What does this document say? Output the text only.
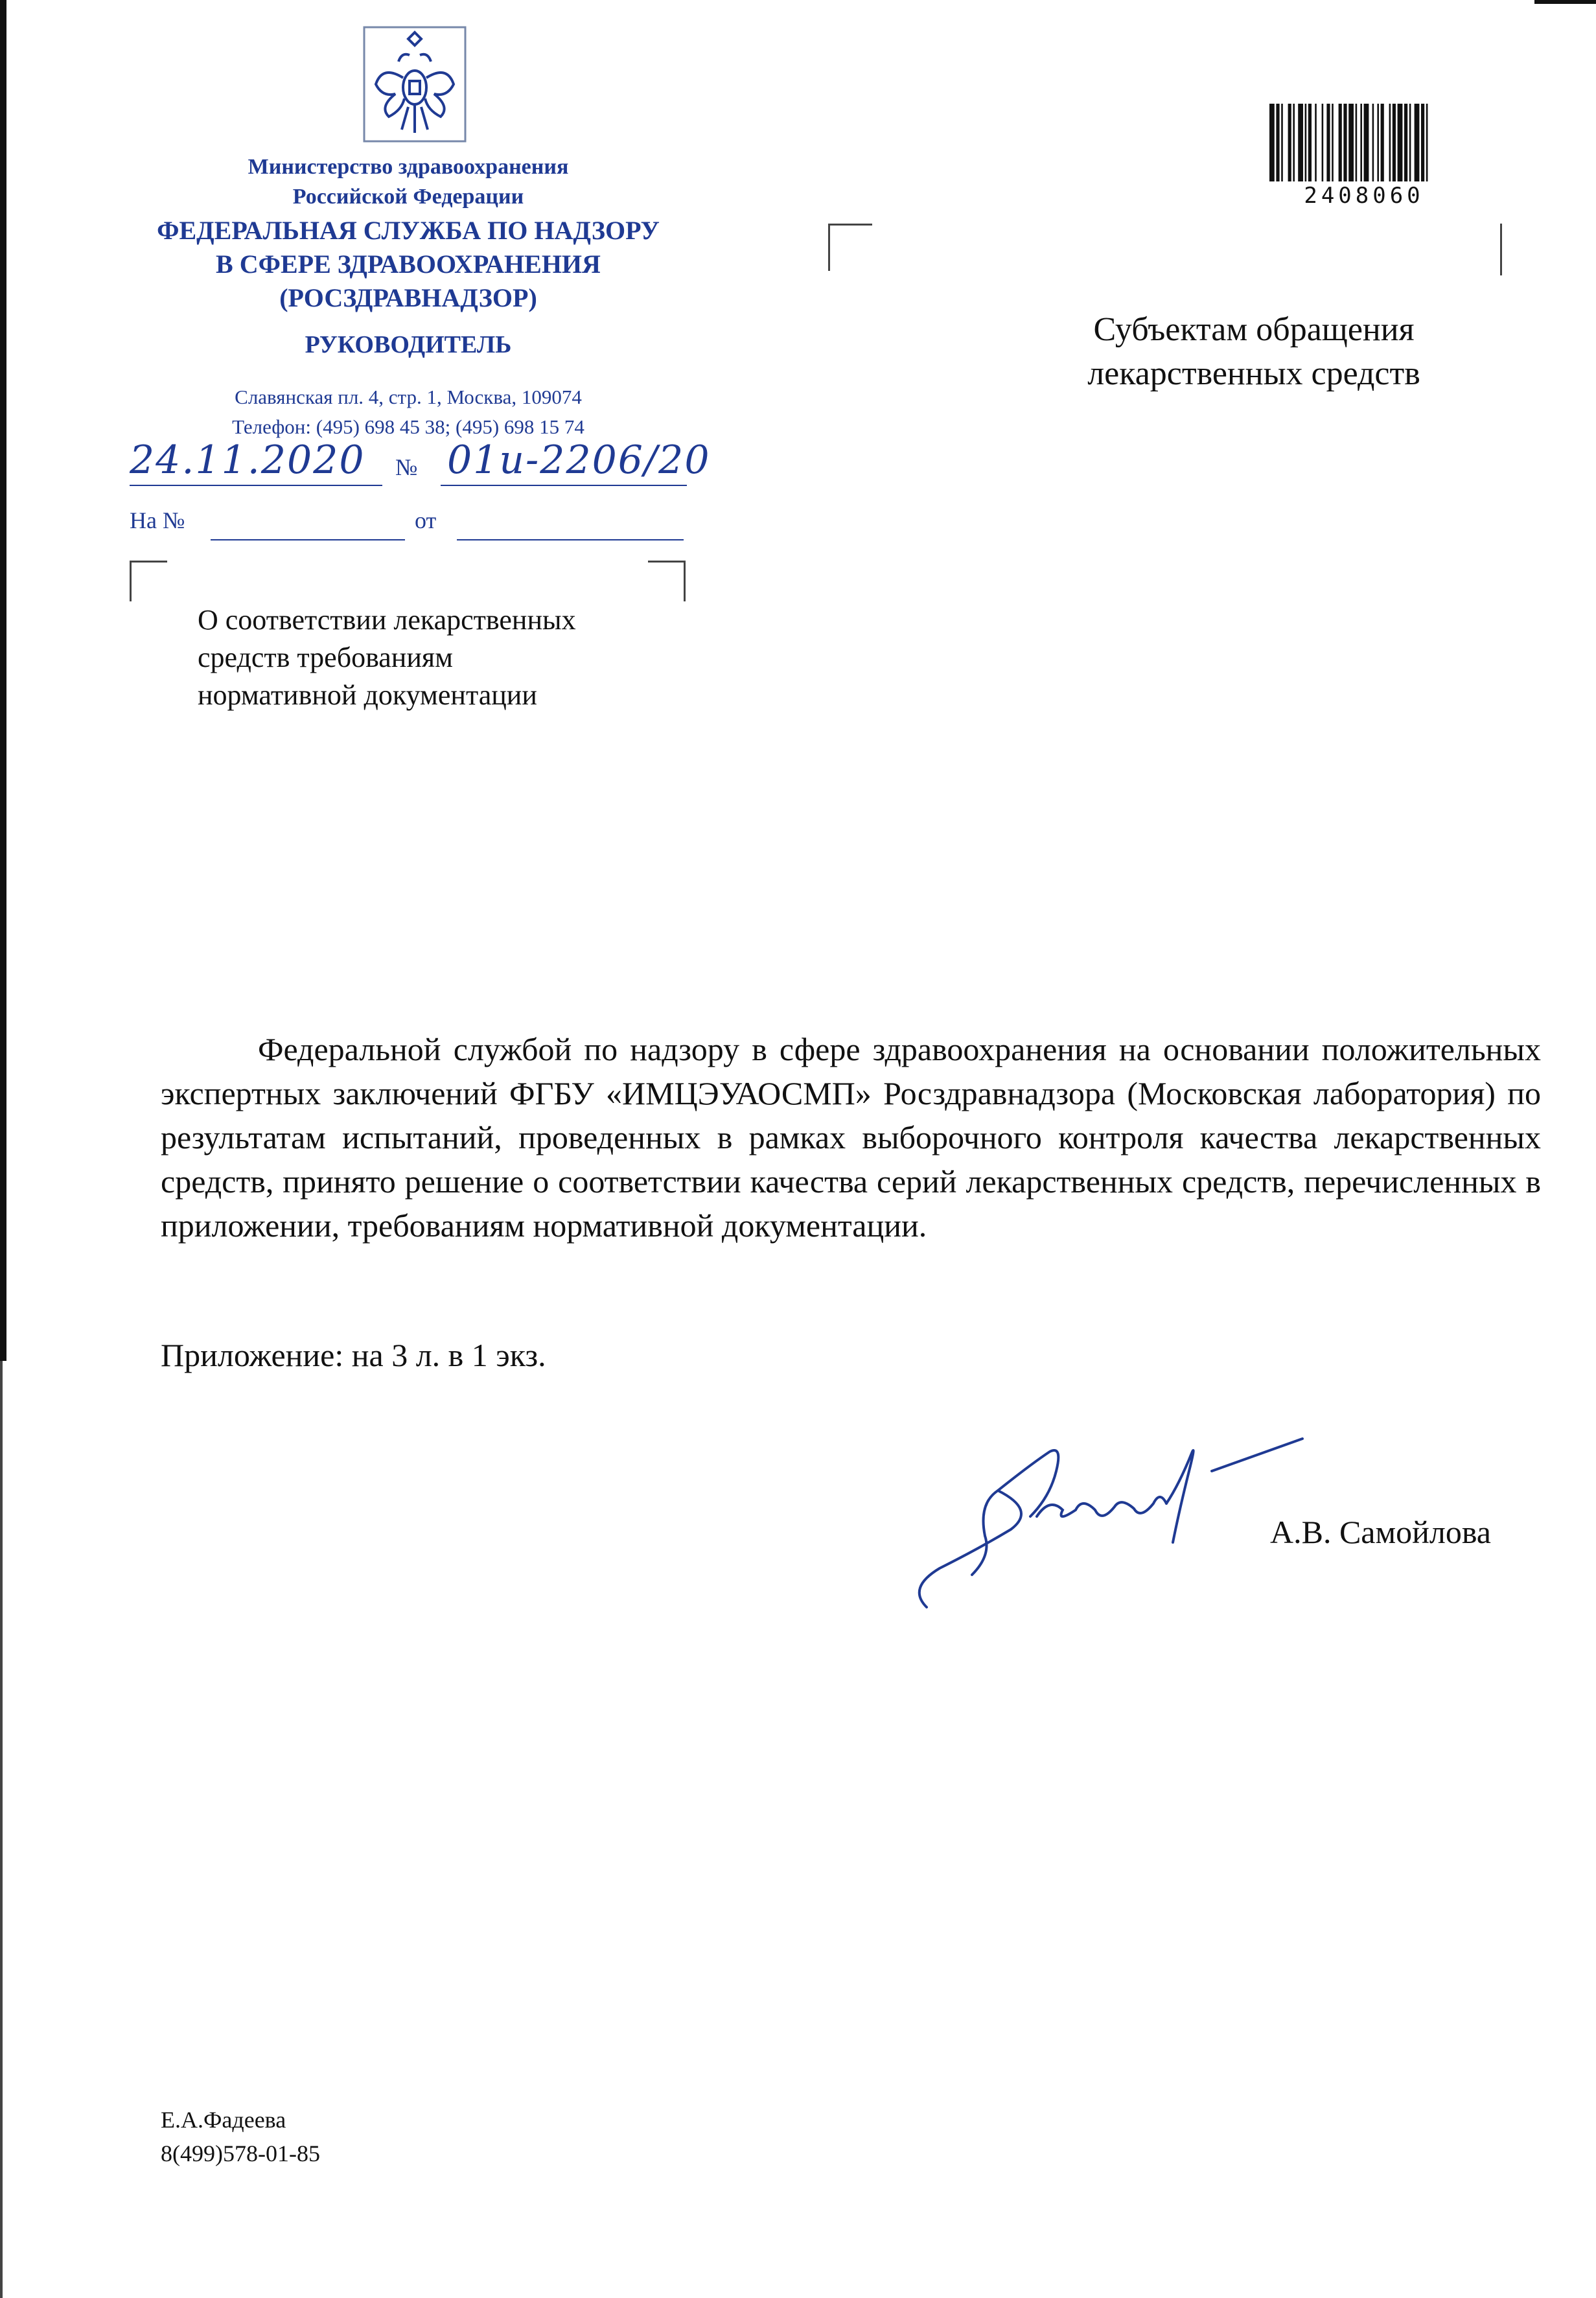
Министерство здравоохранения
Российской Федерации
ФЕДЕРАЛЬНАЯ СЛУЖБА ПО НАДЗОРУ
В СФЕРЕ ЗДРАВООХРАНЕНИЯ
(РОСЗДРАВНАДЗОР)
РУКОВОДИТЕЛЬ
Славянская пл. 4, стр. 1, Москва, 109074
Телефон: (495) 698 45 38; (495) 698 15 74
24.11.2020 № 01и-2206/20
На №	от
О соответствии лекарственных
средств требованиям
нормативной документации
2408060
Субъектам обращения
лекарственных средств

Федеральной службой по надзору в сфере здравоохранения на основании положительных экспертных заключений ФГБУ «ИМЦЭУАОСМП» Росздравнадзора (Московская лаборатория) по результатам испытаний, проведенных в рамках выборочного контроля качества лекарственных средств, принято решение о соответствии качества серий лекарственных средств, перечисленных в приложении, требованиям нормативной документации.

Приложение: на 3 л. в 1 экз.
А.В. Самойлова
Е.А.Фадеева
8(499)578-01-85
